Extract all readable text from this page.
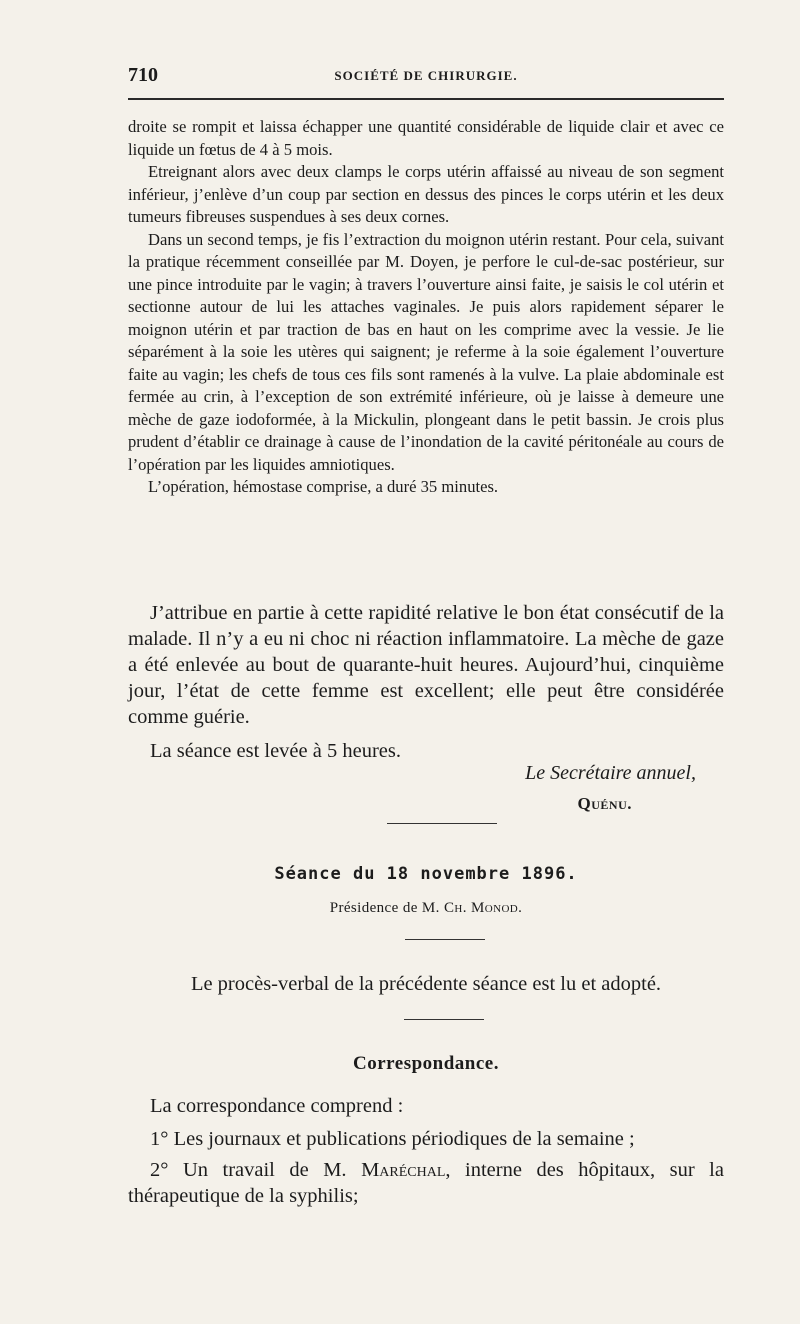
710	SOCIÉTÉ DE CHIRURGIE.

droite se rompit et laissa échapper une quantité considérable de liquide clair et avec ce liquide un fœtus de 4 à 5 mois.

Etreignant alors avec deux clamps le corps utérin affaissé au niveau de son segment inférieur, j’enlève d’un coup par section en dessus des pinces le corps utérin et les deux tumeurs fibreuses suspendues à ses deux cornes.

Dans un second temps, je fis l’extraction du moignon utérin restant. Pour cela, suivant la pratique récemment conseillée par M. Doyen, je perfore le cul-de-sac postérieur, sur une pince introduite par le vagin; à travers l’ouverture ainsi faite, je saisis le col utérin et sectionne autour de lui les attaches vaginales. Je puis alors rapidement séparer le moignon utérin et par traction de bas en haut on les comprime avec la vessie. Je lie séparément à la soie les utères qui saignent; je referme à la soie également l’ouverture faite au vagin; les chefs de tous ces fils sont ramenés à la vulve. La plaie abdominale est fermée au crin, à l’exception de son extrémité inférieure, où je laisse à demeure une mèche de gaze iodoformée, à la Mickulin, plongeant dans le petit bassin. Je crois plus prudent d’établir ce drainage à cause de l’inondation de la cavité péritonéale au cours de l’opération par les liquides amniotiques.

L’opération, hémostase comprise, a duré 35 minutes.

J’attribue en partie à cette rapidité relative le bon état consécutif de la malade. Il n’y a eu ni choc ni réaction inflammatoire. La mèche de gaze a été enlevée au bout de quarante-huit heures. Aujourd’hui, cinquième jour, l’état de cette femme est excellent; elle peut être considérée comme guérie.

La séance est levée à 5 heures.

Le Secrétaire annuel,
Quénu.
Séance du 18 novembre 1896.
Présidence de M. Ch. Monod.
Le procès-verbal de la précédente séance est lu et adopté.
Correspondance.

La correspondance comprend :

1° Les journaux et publications périodiques de la semaine ;

2° Un travail de M. Maréchal, interne des hôpitaux, sur la thérapeutique de la syphilis;
